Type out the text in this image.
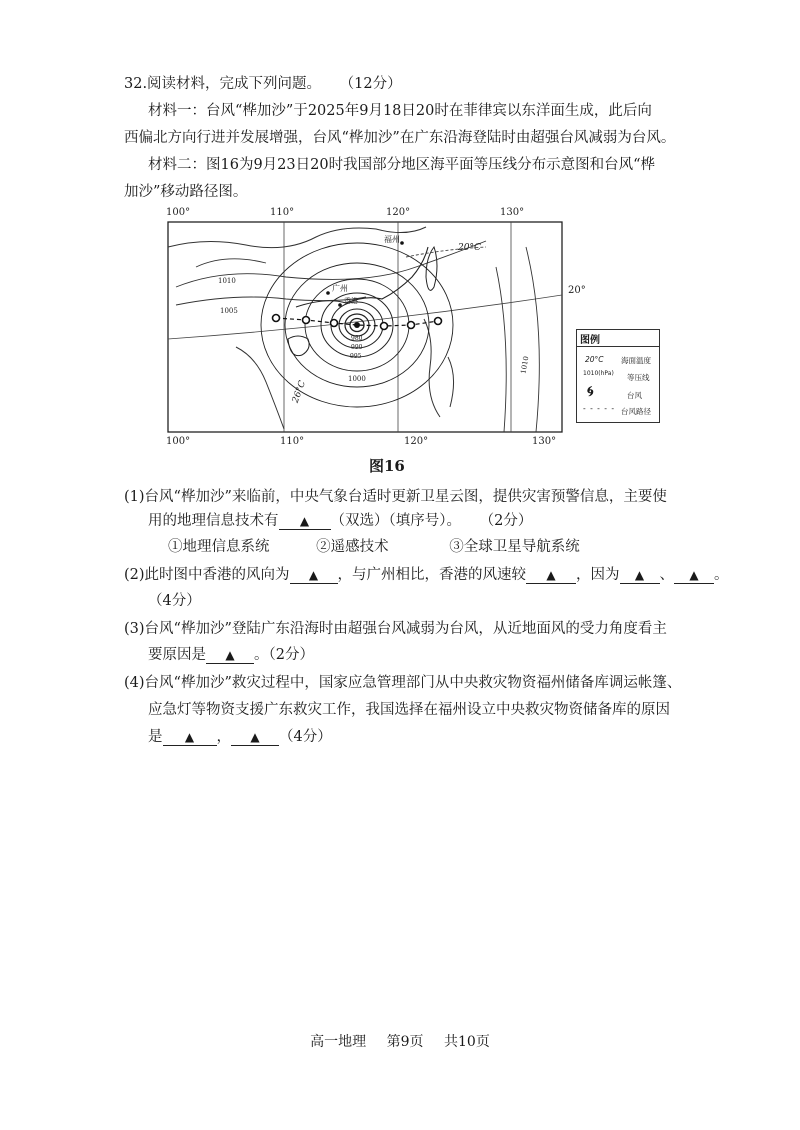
32.阅读材料，完成下列问题。 （12分）
材料一：台风“桦加沙”于2025年9月18日20时在菲律宾以东洋面生成，此后向
西偏北方向行进并发展增强，台风“桦加沙”在广东沿海登陆时由超强台风减弱为台风。
材料二：图16为9月23日20时我国部分地区海平面等压线分布示意图和台风“桦
加沙”移动路径图。
100°	110°	120°	130°
100°	110°	120°	130°
20°
福州
广州
香港
1010
1005
1000
995
990
980
1010
20°C
26°C
图例
20°C 海面温度
1010(hPa) 等压线
🌀︎	台风
- - - - - 台风路径
图16
(1)台风“桦加沙”来临前，中央气象台适时更新卫星云图，提供灾害预警信息，主要使
用的地理信息技术有 ▲ （双选）（填序号）。 （2分）
①地理信息系统	②遥感技术	③全球卫星导航系统
(2)此时图中香港的风向为 ▲ ，与广州相比，香港的风速较 ▲ ，因为 ▲ 、 ▲ 。
（4分）
(3)台风“桦加沙”登陆广东沿海时由超强台风减弱为台风，从近地面风的受力角度看主
要原因是 ▲ 。（2分）
(4)台风“桦加沙”救灾过程中，国家应急管理部门从中央救灾物资福州储备库调运帐篷、
应急灯等物资支援广东救灾工作，我国选择在福州设立中央救灾物资储备库的原因
是 ▲ ， ▲ （4分）
高一地理 第9页 共10页
